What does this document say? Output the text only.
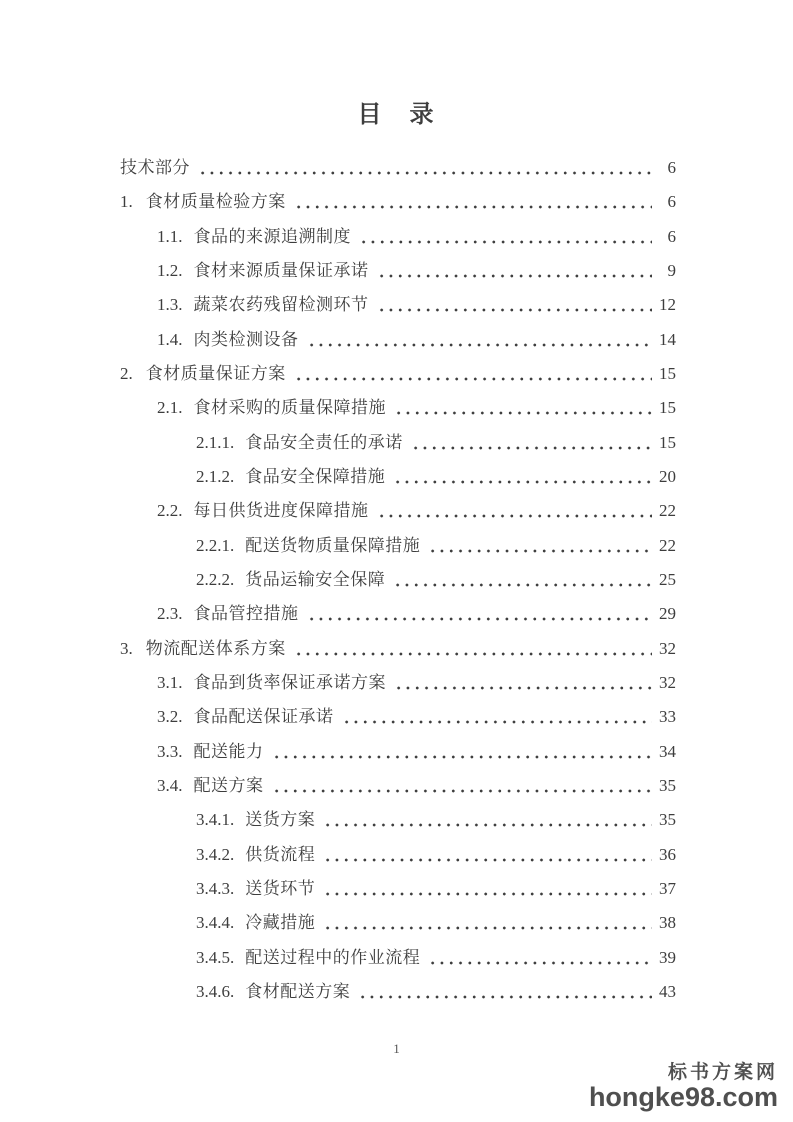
目　录
技术部分	6
1. 食材质量检验方案	6
1.1. 食品的来源追溯制度	6
1.2. 食材来源质量保证承诺	9
1.3. 蔬菜农药残留检测环节	12
1.4. 肉类检测设备	14
2. 食材质量保证方案	15
2.1. 食材采购的质量保障措施	15
2.1.1. 食品安全责任的承诺	15
2.1.2. 食品安全保障措施	20
2.2. 每日供货进度保障措施	22
2.2.1. 配送货物质量保障措施	22
2.2.2. 货品运输安全保障	25
2.3. 食品管控措施	29
3. 物流配送体系方案	32
3.1. 食品到货率保证承诺方案	32
3.2. 食品配送保证承诺	33
3.3. 配送能力	34
3.4. 配送方案	35
3.4.1. 送货方案	35
3.4.2. 供货流程	36
3.4.3. 送货环节	37
3.4.4. 冷藏措施	38
3.4.5. 配送过程中的作业流程	39
3.4.6. 食材配送方案	43
1
标书方案网
hongke98.com
